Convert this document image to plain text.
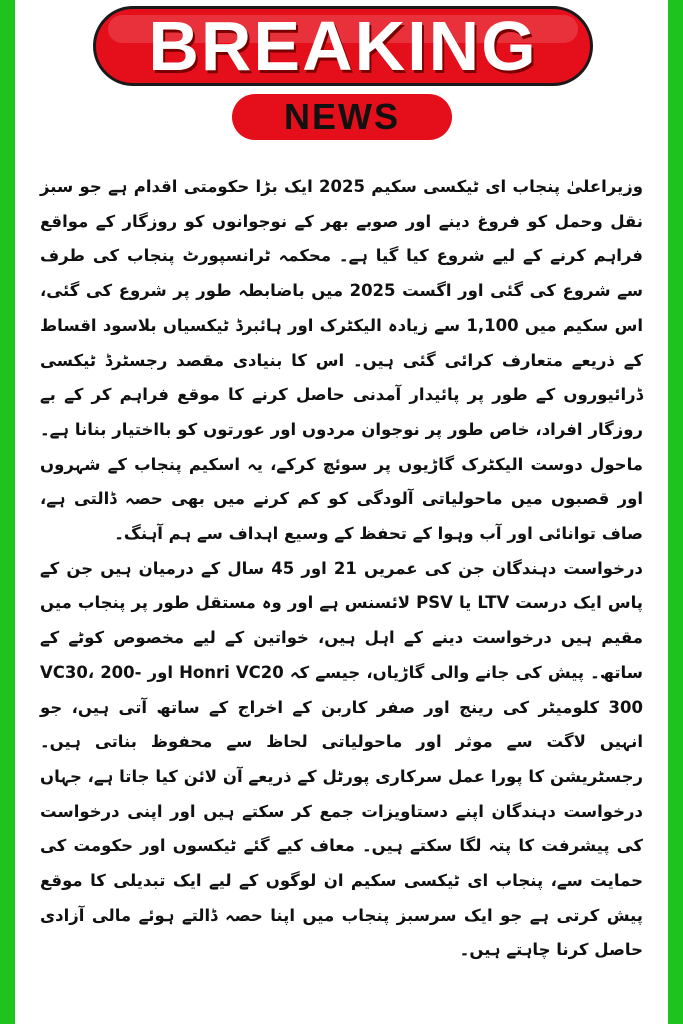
BREAKING
NEWS

وزیراعلیٰ پنجاب ای ٹیکسی سکیم 2025 ایک بڑا حکومتی اقدام ہے جو سبز نقل وحمل کو فروغ دینے اور صوبے بھر کے نوجوانوں کو روزگار کے مواقع فراہم کرنے کے لیے شروع کیا گیا ہے۔ محکمہ ٹرانسپورٹ پنجاب کی طرف سے شروع کی گئی اور اگست 2025 میں باضابطہ طور پر شروع کی گئی، اس سکیم میں 1,100 سے زیادہ الیکٹرک اور ہائبرڈ ٹیکسیاں بلاسود اقساط کے ذریعے متعارف کرائی گئی ہیں۔ اس کا بنیادی مقصد رجسٹرڈ ٹیکسی ڈرائیوروں کے طور پر پائیدار آمدنی حاصل کرنے کا موقع فراہم کر کے بے روزگار افراد، خاص طور پر نوجوان مردوں اور عورتوں کو بااختیار بنانا ہے۔ ماحول دوست الیکٹرک گاڑیوں پر سوئچ کرکے، یہ اسکیم پنجاب کے شہروں اور قصبوں میں ماحولیاتی آلودگی کو کم کرنے میں بھی حصہ ڈالتی ہے، صاف توانائی اور آب وہوا کے تحفظ کے وسیع اہداف سے ہم آہنگ۔

درخواست دہندگان جن کی عمریں 21 اور 45 سال کے درمیان ہیں جن کے پاس ایک درست LTV یا PSV لائسنس ہے اور وہ مستقل طور پر پنجاب میں مقیم ہیں درخواست دینے کے اہل ہیں، خواتین کے لیے مخصوص کوٹے کے ساتھ۔ پیش کی جانے والی گاڑیاں، جیسے کہ Honri VC20 اور VC30، 200-300 کلومیٹر کی رینج اور صفر کاربن کے اخراج کے ساتھ آتی ہیں، جو انہیں لاگت سے موثر اور ماحولیاتی لحاظ سے محفوظ بناتی ہیں۔ رجسٹریشن کا پورا عمل سرکاری پورٹل کے ذریعے آن لائن کیا جاتا ہے، جہاں درخواست دہندگان اپنے دستاویزات جمع کر سکتے ہیں اور اپنی درخواست کی پیشرفت کا پتہ لگا سکتے ہیں۔ معاف کیے گئے ٹیکسوں اور حکومت کی حمایت سے، پنجاب ای ٹیکسی سکیم ان لوگوں کے لیے ایک تبدیلی کا موقع پیش کرتی ہے جو ایک سرسبز پنجاب میں اپنا حصہ ڈالتے ہوئے مالی آزادی حاصل کرنا چاہتے ہیں۔
